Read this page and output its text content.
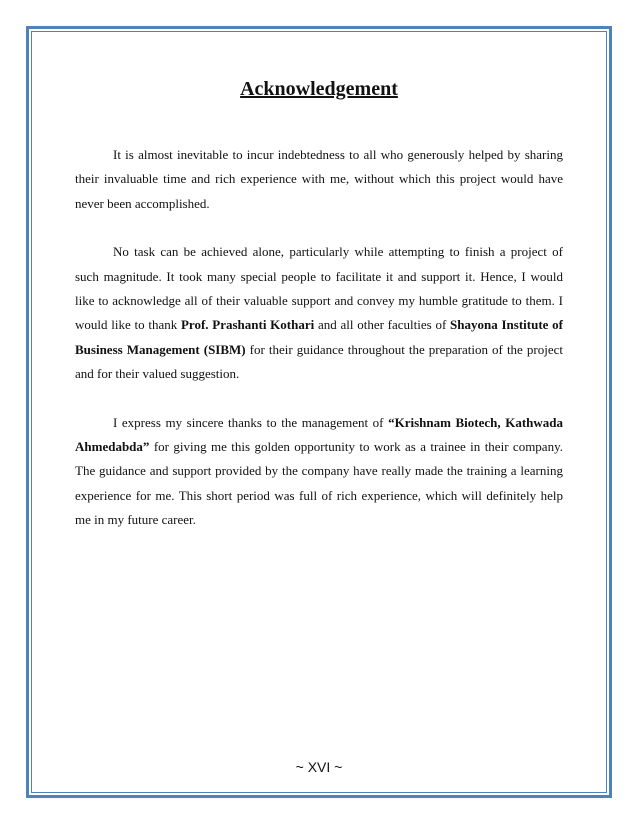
Acknowledgement

It is almost inevitable to incur indebtedness to all who generously helped by sharing their invaluable time and rich experience with me, without which this project would have never been accomplished.

No task can be achieved alone, particularly while attempting to finish a project of such magnitude. It took many special people to facilitate it and support it. Hence, I would like to acknowledge all of their valuable support and convey my humble gratitude to them. I would like to thank Prof. Prashanti Kothari and all other faculties of Shayona Institute of Business Management (SIBM) for their guidance throughout the preparation of the project and for their valued suggestion.

I express my sincere thanks to the management of “Krishnam Biotech, Kathwada Ahmedabda” for giving me this golden opportunity to work as a trainee in their company. The guidance and support provided by the company have really made the training a learning experience for me. This short period was full of rich experience, which will definitely help me in my future career.

~ XVI ~
